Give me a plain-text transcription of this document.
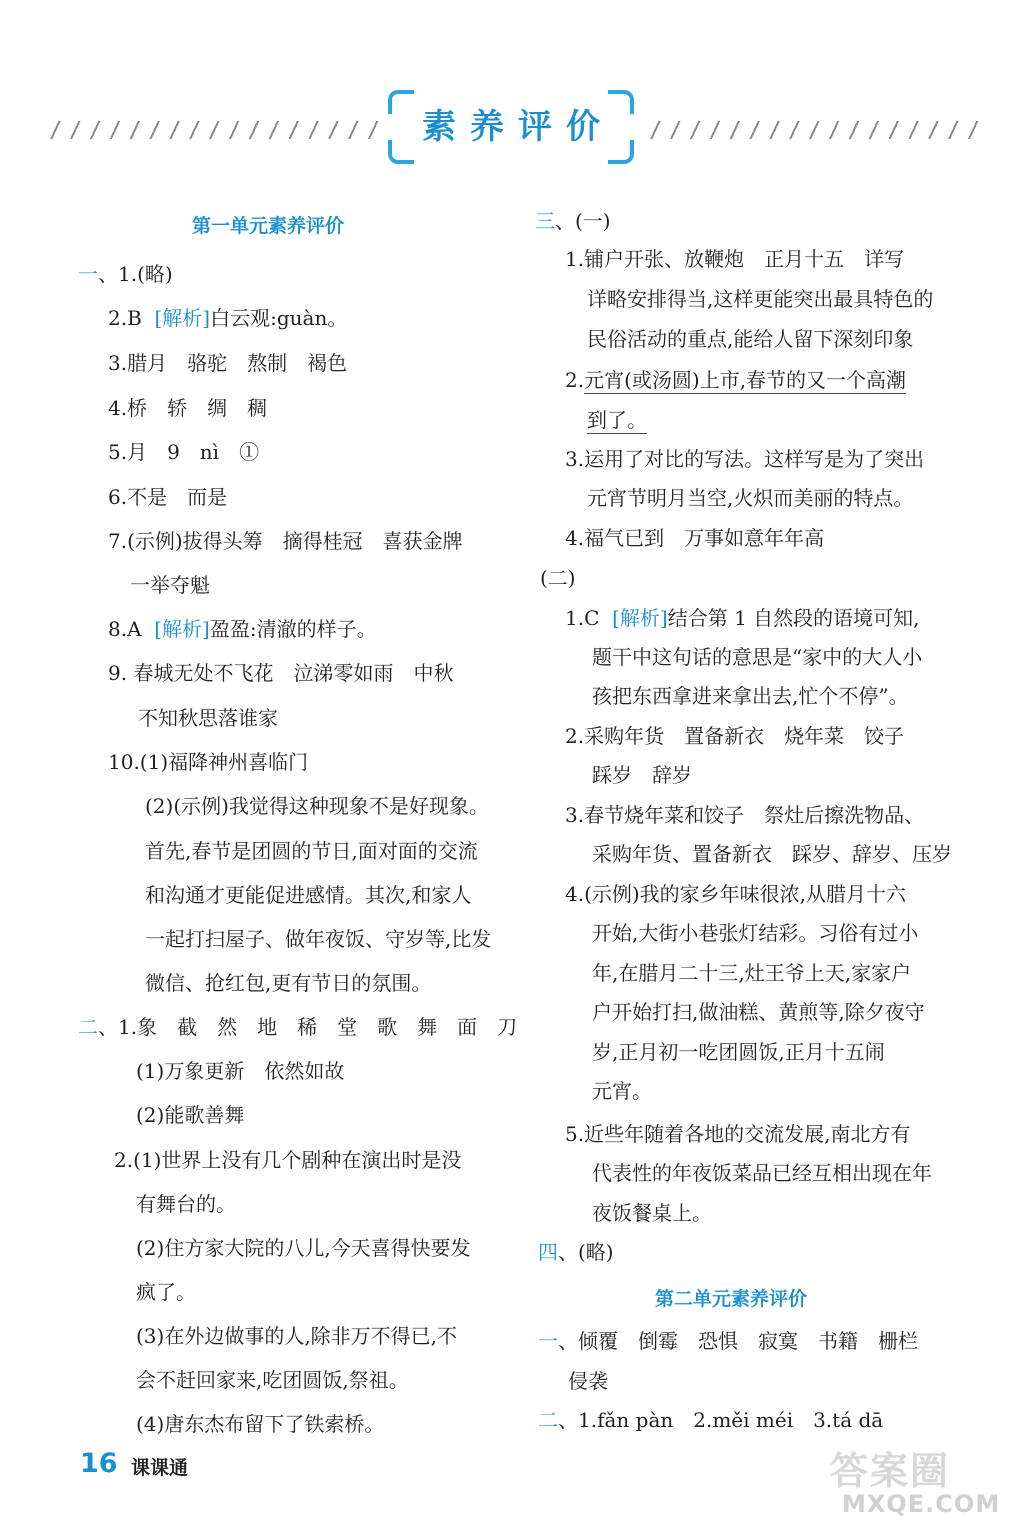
素养评价
第一单元素养评价
一、1.(略)
2.B [解析]白云观:guàn。
3.腊月　骆驼　熬制　褐色
4.桥　轿　绸　稠
5.月　9　nì　①
6.不是　而是
7.(示例)拔得头筹　摘得桂冠　喜获金牌
一举夺魁
8.A [解析]盈盈:清澈的样子。
9. 春城无处不飞花　泣涕零如雨　中秋
不知秋思落谁家
10.(1)福降神州喜临门
(2)(示例)我觉得这种现象不是好现象。
首先,春节是团圆的节日,面对面的交流
和沟通才更能促进感情。其次,和家人
一起打扫屋子、做年夜饭、守岁等,比发
微信、抢红包,更有节日的氛围。
二、1.象　截　然　地　稀　堂　歌　舞　面　刀
(1)万象更新　依然如故
(2)能歌善舞
2.(1)世界上没有几个剧种在演出时是没
有舞台的。
(2)住方家大院的八儿,今天喜得快要发
疯了。
(3)在外边做事的人,除非万不得已,不
会不赶回家来,吃团圆饭,祭祖。
(4)唐东杰布留下了铁索桥。
三、(一)
1.铺户开张、放鞭炮　正月十五　详写
详略安排得当,这样更能突出最具特色的
民俗活动的重点,能给人留下深刻印象
2.元宵(或汤圆)上市,春节的又一个高潮
到了。
3.运用了对比的写法。这样写是为了突出
元宵节明月当空,火炽而美丽的特点。
4.福气已到　万事如意年年高
(二)
1.C [解析]结合第 1 自然段的语境可知,
题干中这句话的意思是“家中的大人小
孩把东西拿进来拿出去,忙个不停”。
2.采购年货　置备新衣　烧年菜　饺子
踩岁　辞岁
3.春节烧年菜和饺子　祭灶后擦洗物品、
采购年货、置备新衣　踩岁、辞岁、压岁
4.(示例)我的家乡年味很浓,从腊月十六
开始,大街小巷张灯结彩。习俗有过小
年,在腊月二十三,灶王爷上天,家家户
户开始打扫,做油糕、黄煎等,除夕夜守
岁,正月初一吃团圆饭,正月十五闹
元宵。
5.近些年随着各地的交流发展,南北方有
代表性的年夜饭菜品已经互相出现在年
夜饭餐桌上。
四、(略)
第二单元素养评价
一、倾覆　倒霉　恐惧　寂寞　书籍　栅栏
侵袭
二、1.fǎn pàn　2.měi méi　3.tá dā
16 课课通	答案圈
MXQE.COM
